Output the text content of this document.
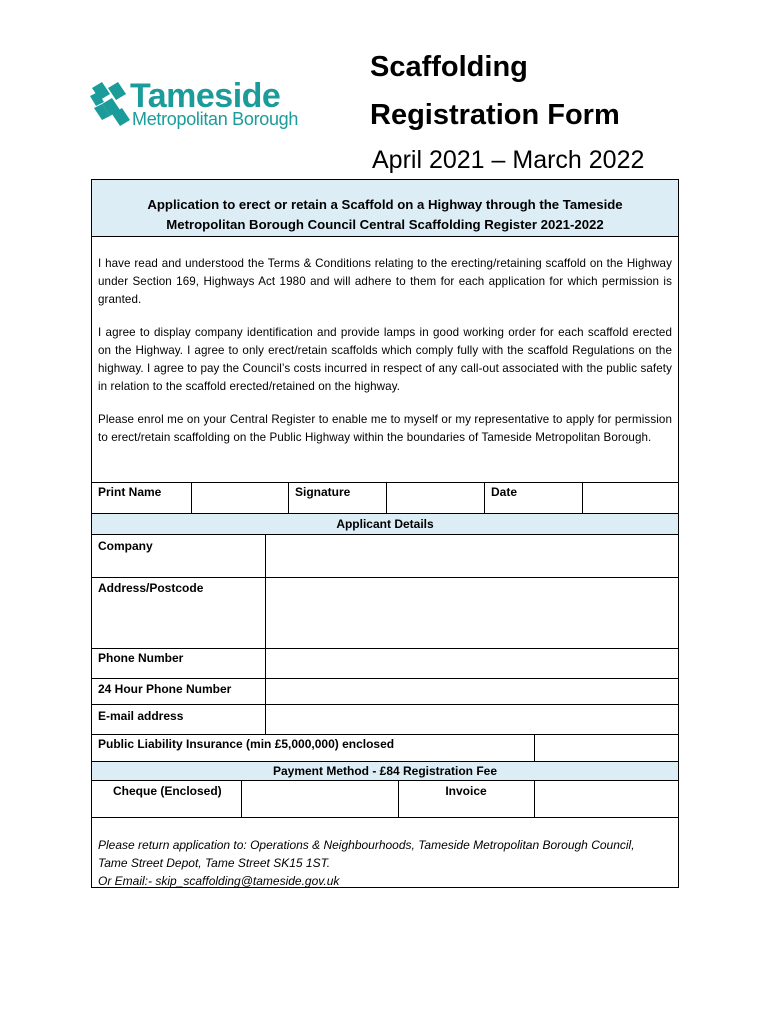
Tameside
Metropolitan Borough
Scaffolding
Registration Form
April 2021 – March 2022
Application to erect or retain a Scaffold on a Highway through the Tameside
Metropolitan Borough Council Central Scaffolding Register 2021-2022
I have read and understood the Terms & Conditions relating to the erecting/retaining scaffold on the Highway under Section 169, Highways Act 1980 and will adhere to them for each application for which permission is granted.
I agree to display company identification and provide lamps in good working order for each scaffold erected on the Highway. I agree to only erect/retain scaffolds which comply fully with the scaffold Regulations on the highway. I agree to pay the Council’s costs incurred in respect of any call-out associated with the public safety in relation to the scaffold erected/retained on the highway.
Please enrol me on your Central Register to enable me to myself or my representative to apply for permission to erect/retain scaffolding on the Public Highway within the boundaries of Tameside Metropolitan Borough.
Print Name	Signature	Date
Applicant Details
Company
Address/Postcode
Phone Number
24 Hour Phone Number
E-mail address
Public Liability Insurance (min £5,000,000) enclosed
Payment Method - £84 Registration Fee
Cheque (Enclosed)	Invoice
Please return application to: Operations & Neighbourhoods, Tameside Metropolitan Borough Council,
Tame Street Depot, Tame Street SK15 1ST.
Or Email:- skip_scaffolding@tameside.gov.uk
